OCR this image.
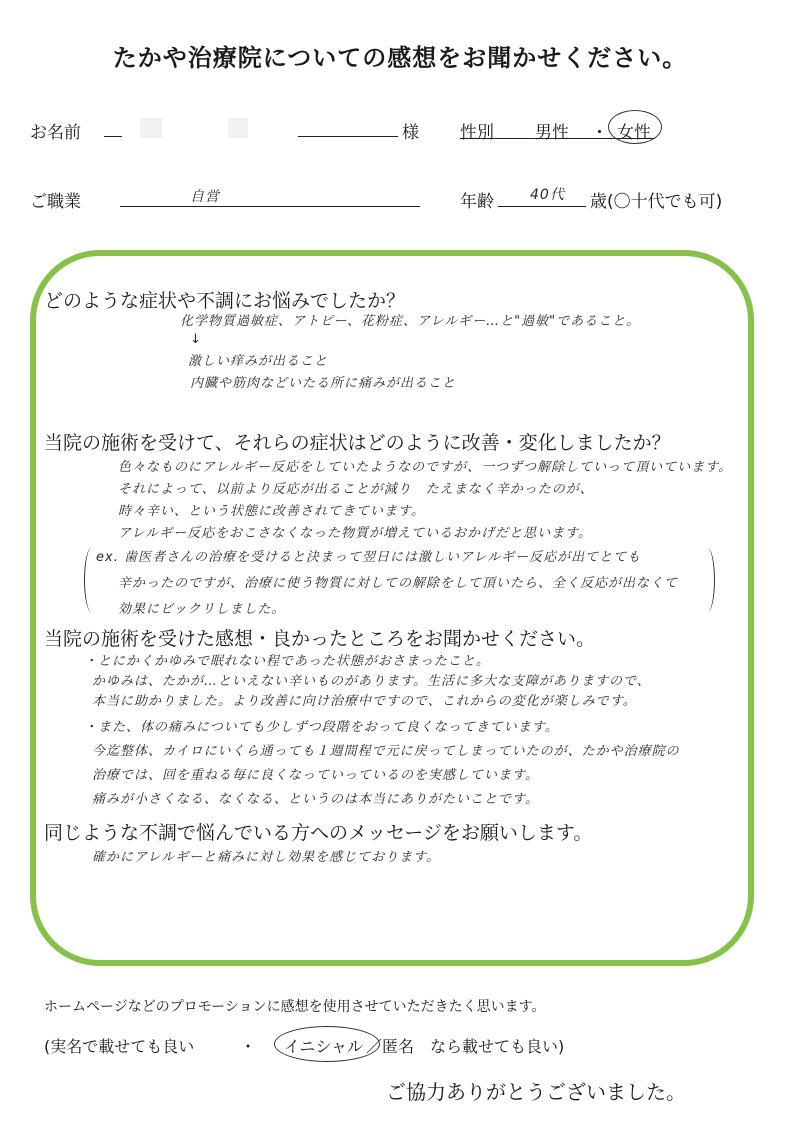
たかや治療院についての感想をお聞かせください。
お名前	様 性別 男性 ・ 女性
ご職業	自営	年齢	40代 歳(〇十代でも可)
どのような症状や不調にお悩みでしたか？
化学物質過敏症、アトピー、花粉症、アレルギー…と"過敏"であること。
↓
激しい痒みが出ること
内臓や筋肉などいたる所に痛みが出ること
当院の施術を受けて、それらの症状はどのように改善・変化しましたか？
色々なものにアレルギー反応をしていたようなのですが、一つずつ解除していって頂いています。
それによって、以前より反応が出ることが減り　たえまなく辛かったのが、
時々辛い、という状態に改善されてきています。
アレルギー反応をおこさなくなった物質が増えているおかげだと思います。
ex. 歯医者さんの治療を受けると決まって翌日には激しいアレルギー反応が出てとても
辛かったのですが、治療に使う物質に対しての解除をして頂いたら、全く反応が出なくて
効果にビックリしました。
当院の施術を受けた感想・良かったところをお聞かせください。
・とにかくかゆみで眠れない程であった状態がおさまったこと。
かゆみは、たかが…といえない辛いものがあります。生活に多大な支障がありますので、
本当に助かりました。より改善に向け治療中ですので、これからの変化が楽しみです。
・また、体の痛みについても少しずつ段階をおって良くなってきています。
今迄整体、カイロにいくら通っても１週間程で元に戻ってしまっていたのが、たかや治療院の
治療では、回を重ねる毎に良くなっていっているのを実感しています。
痛みが小さくなる、なくなる、というのは本当にありがたいことです。
同じような不調で悩んでいる方へのメッセージをお願いします。
確かにアレルギーと痛みに対し効果を感じております。
ホームページなどのプロモーションに感想を使用させていただきたく思います。
(実名で載せても良い	・ イニシャル ／匿名　なら載せても良い)
ご協力ありがとうございました。
